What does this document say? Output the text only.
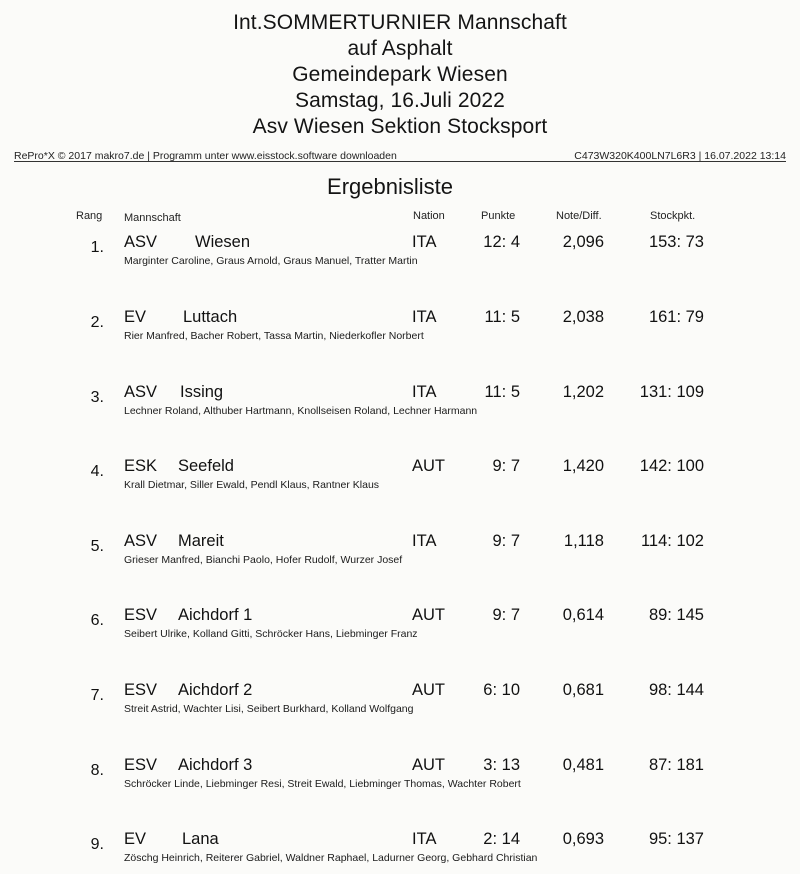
Int.SOMMERTURNIER Mannschaft
auf Asphalt
Gemeindepark Wiesen
Samstag, 16.Juli 2022
Asv Wiesen Sektion Stocksport
RePro*X © 2017 makro7.de | Programm unter www.eisstock.software downloaden	C473W320K400LN7L6R3 | 16.07.2022 13:14
Ergebnisliste
Rang Mannschaft	Nation	Punkte	Note/Diff.	Stockpkt.
1. ASV Wiesen	ITA	12: 4	2,096	153: 73
Marginter Caroline, Graus Arnold, Graus Manuel, Tratter Martin
2. EV Luttach	ITA	11: 5	2,038	161: 79
Rier Manfred, Bacher Robert, Tassa Martin, Niederkofler Norbert
3. ASV Issing	ITA	11: 5	1,202	131: 109
Lechner Roland, Althuber Hartmann, Knollseisen Roland, Lechner Harmann
4. ESK Seefeld	AUT	9: 7	1,420	142: 100
Krall Dietmar, Siller Ewald, Pendl Klaus, Rantner Klaus
5. ASV Mareit	ITA	9: 7	1,118	114: 102
Grieser Manfred, Bianchi Paolo, Hofer Rudolf, Wurzer Josef
6. ESV Aichdorf 1	AUT	9: 7	0,614	89: 145
Seibert Ulrike, Kolland Gitti, Schröcker Hans, Liebminger Franz
7. ESV Aichdorf 2	AUT	6: 10	0,681	98: 144
Streit Astrid, Wachter Lisi, Seibert Burkhard, Kolland Wolfgang
8. ESV Aichdorf 3	AUT	3: 13	0,481	87: 181
Schröcker Linde, Liebminger Resi, Streit Ewald, Liebminger Thomas, Wachter Robert
9. EV Lana	ITA	2: 14	0,693	95: 137
Zöschg Heinrich, Reiterer Gabriel, Waldner Raphael, Ladurner Georg, Gebhard Christian
